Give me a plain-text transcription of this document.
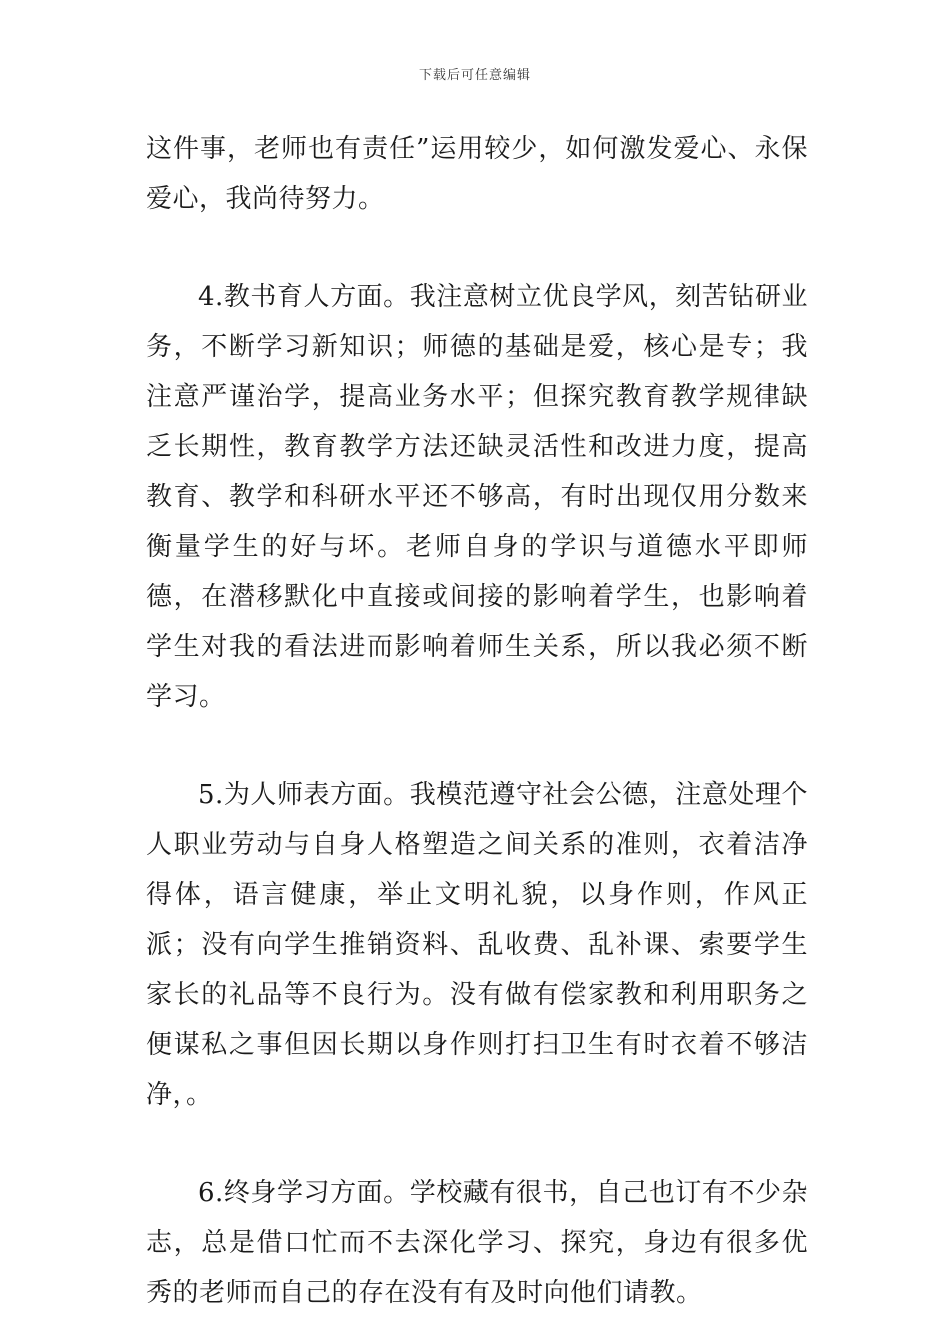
下载后可任意编辑

这件事，老师也有责任”运用较少，如何激发爱心、永保爱心，我尚待努力。

4.教书育人方面。我注意树立优良学风，刻苦钻研业务，不断学习新知识；师德的基础是爱，核心是专；我注意严谨治学，提高业务水平；但探究教育教学规律缺乏长期性，教育教学方法还缺灵活性和改进力度，提高教育、教学和科研水平还不够高，有时出现仅用分数来衡量学生的好与坏。老师自身的学识与道德水平即师德，在潜移默化中直接或间接的影响着学生，也影响着学生对我的看法进而影响着师生关系，所以我必须不断学习。

5.为人师表方面。我模范遵守社会公德，注意处理个人职业劳动与自身人格塑造之间关系的准则，衣着洁净得体，语言健康，举止文明礼貌，以身作则，作风正派；没有向学生推销资料、乱收费、乱补课、索要学生家长的礼品等不良行为。没有做有偿家教和利用职务之便谋私之事但因长期以身作则打扫卫生有时衣着不够洁净，。

6.终身学习方面。学校藏有很书，自己也订有不少杂志，总是借口忙而不去深化学习、探究，身边有很多优秀的老师而自己的存在没有有及时向他们请教。
